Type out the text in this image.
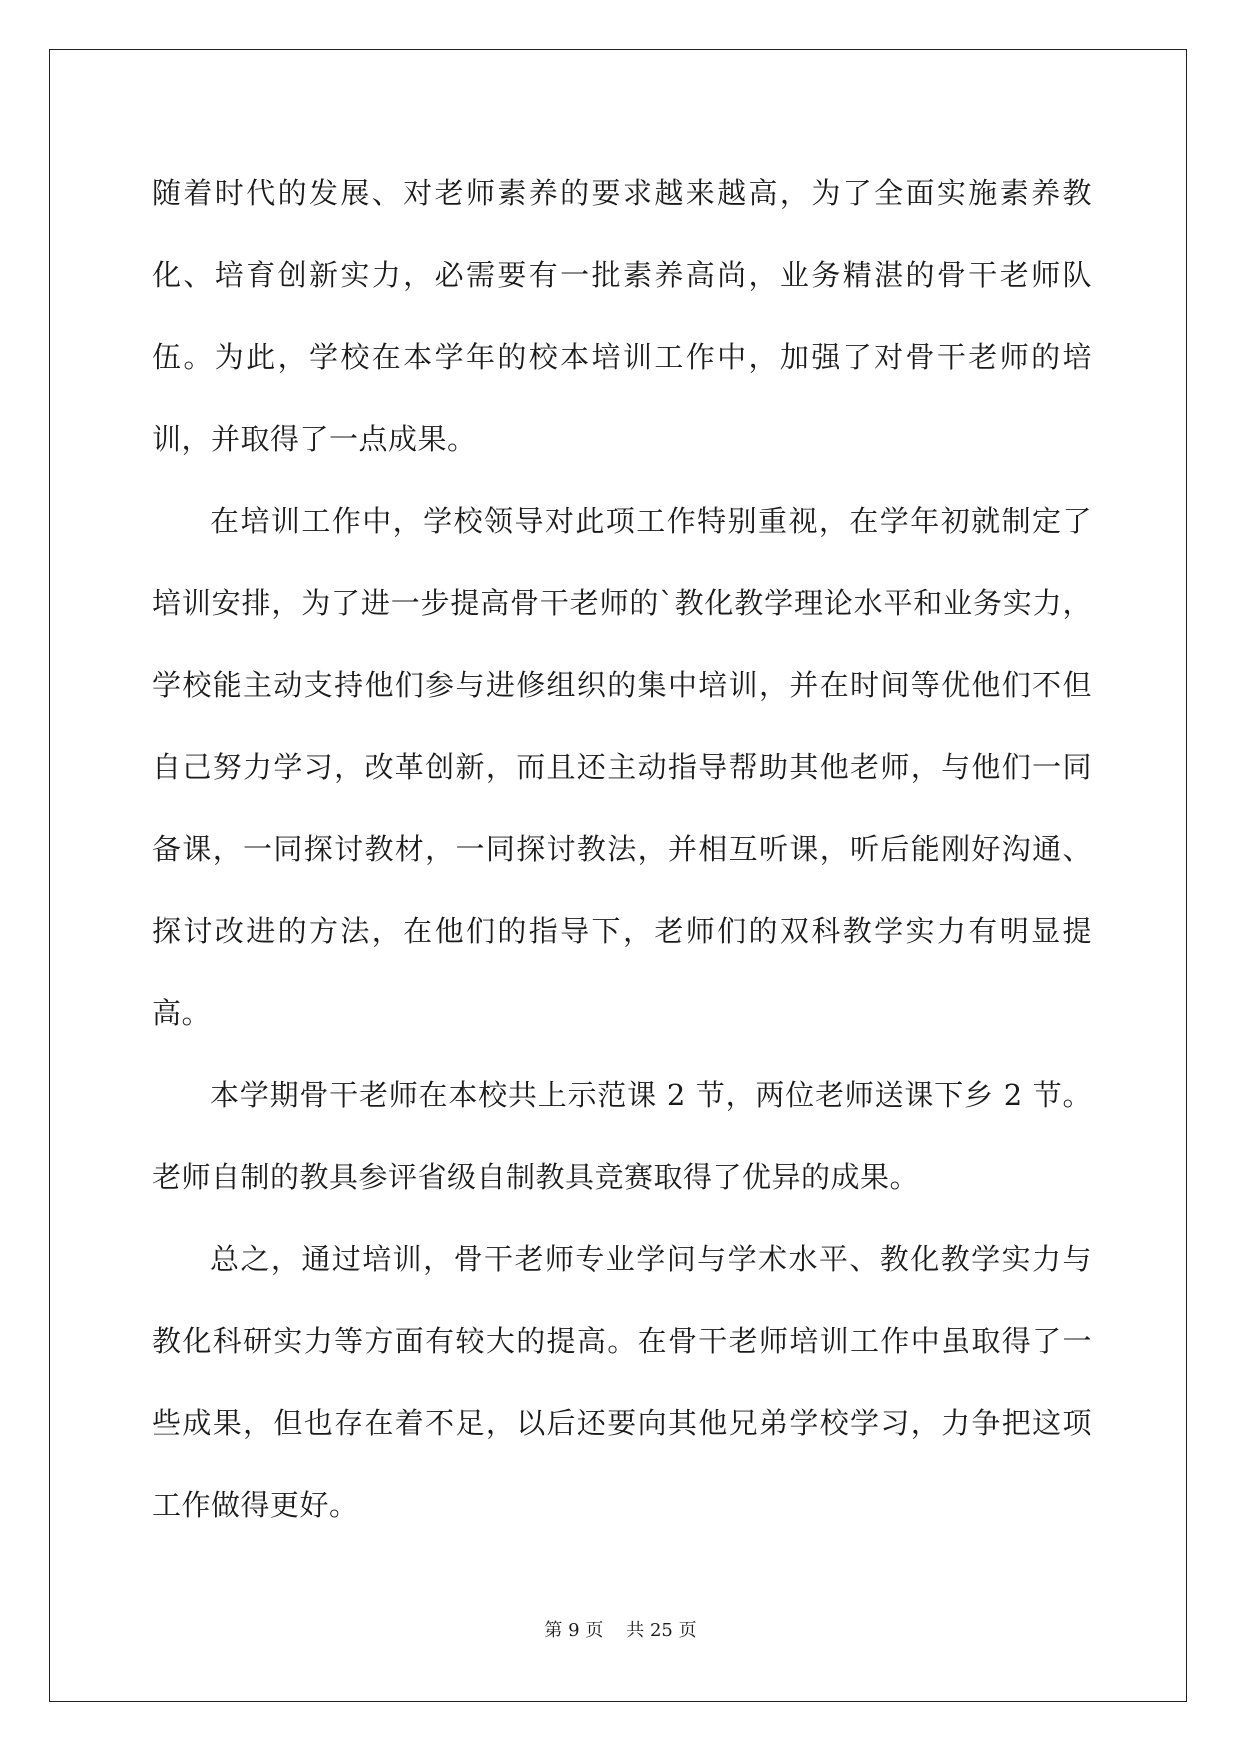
随着时代的发展、对老师素养的要求越来越高，为了全面实施素养教化、培育创新实力，必需要有一批素养高尚，业务精湛的骨干老师队伍。为此，学校在本学年的校本培训工作中，加强了对骨干老师的培训，并取得了一点成果。

在培训工作中，学校领导对此项工作特别重视，在学年初就制定了培训安排，为了进一步提高骨干老师的`教化教学理论水平和业务实力，学校能主动支持他们参与进修组织的集中培训，并在时间等优他们不但自己努力学习，改革创新，而且还主动指导帮助其他老师，与他们一同备课，一同探讨教材，一同探讨教法，并相互听课，听后能刚好沟通、探讨改进的方法，在他们的指导下，老师们的双科教学实力有明显提高。

本学期骨干老师在本校共上示范课 2 节，两位老师送课下乡 2 节。老师自制的教具参评省级自制教具竞赛取得了优异的成果。

总之，通过培训，骨干老师专业学问与学术水平、教化教学实力与教化科研实力等方面有较大的提高。在骨干老师培训工作中虽取得了一些成果，但也存在着不足，以后还要向其他兄弟学校学习，力争把这项工作做得更好。

第 9 页 共 25 页
